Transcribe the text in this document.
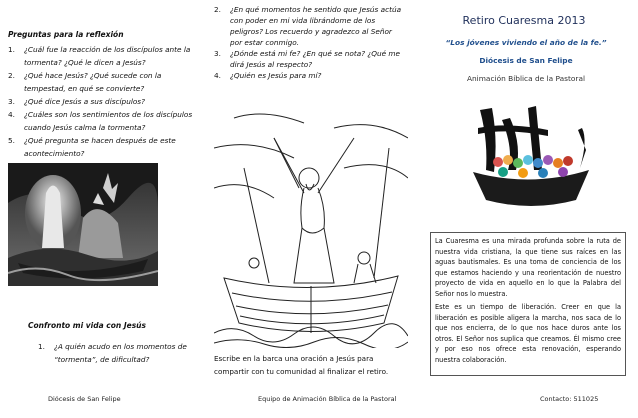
Preguntas para la reflexión
1. ¿Cuál fue la reacción de los discípulos ante la tormenta? ¿Qué le dicen a Jesús?
2. ¿Qué hace Jesús? ¿Qué sucede con la tempestad, en qué se convierte?
3. ¿Qué dice Jesús a sus discípulos?
4. ¿Cuáles son los sentimientos de los discípulos cuando Jesús calma la tormenta?
5. ¿Qué pregunta se hacen después de este acontecimiento?
Confronto mi vida con Jesús
1. ¿A quién acudo en los momentos de “tormenta”, de dificultad?
Diócesis de San Felipe
2. ¿En qué momentos he sentido que Jesús actúa con poder en mi vida librándome de los peligros? Los recuerdo y agradezco al Señor por estar conmigo.
3. ¿Dónde está mi fe? ¿En qué se nota? ¿Qué me dirá Jesús al respecto?
4. ¿Quién es Jesús para mí?
Escribe en la barca una oración a Jesús para compartir con tu comunidad al finalizar el retiro.
Equipo de Animación Bíblica de la Pastoral
Retiro Cuaresma 2013
“Los jóvenes viviendo el año de la fe.”
Diócesis de San Felipe
Animación Bíblica de la Pastoral
La Cuaresma es una mirada profunda sobre la ruta de nuestra vida cristiana, la que tiene sus raíces en las aguas bautismales. Es una toma de conciencia de los que estamos haciendo y una reorientación de nuestro proyecto de vida en aquello en lo que la Palabra del Señor nos lo muestra.
Este es un tiempo de liberación. Creer en que la liberación es posible aligera la marcha, nos saca de lo que nos encierra, de lo que nos hace duros ante los otros. El Señor nos suplica que creamos. Él mismo cree y por eso nos ofrece esta renovación, esperando nuestra colaboración.
Contacto: 511025
